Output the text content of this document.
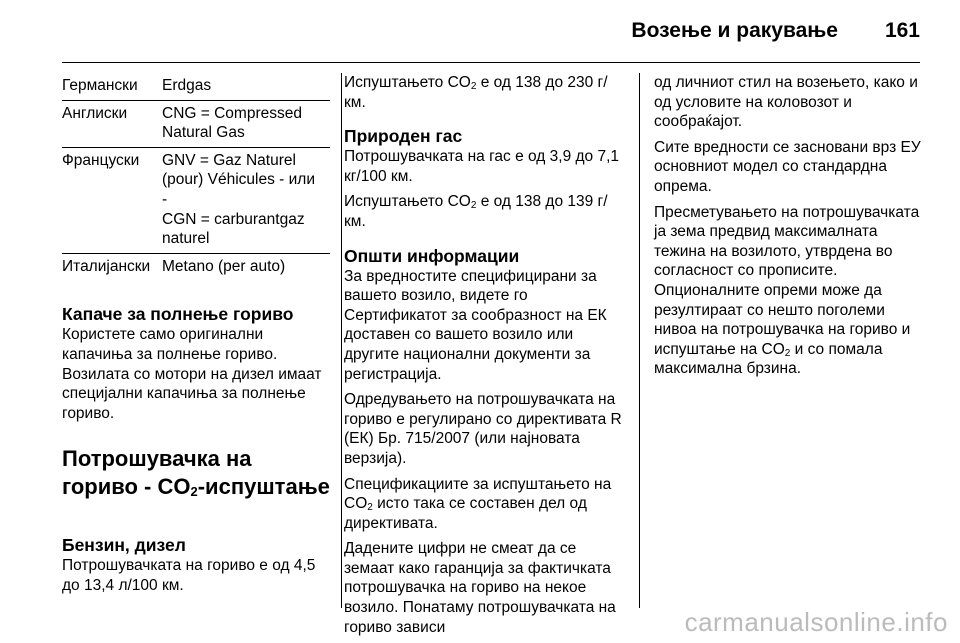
Возење и ракување 161
Германски	Erdgas

Англиски	CNG = Compressed
Natural Gas

Француски	GNV = Gaz Naturel
(pour) Véhicules - или
-
CGN = carburantgaz
naturel

Италијански	Metano (per auto)
Капаче за полнење гориво

Користете само оригинални капачиња за полнење гориво. Возилата со мотори на дизел имаат специјални капачиња за полнење гориво.

Потрошувачка на
гориво - $CO_2$-испуштање
Бензин, дизел

Потрошувачката на гориво е од 4,5 до 13,4 л/100 км.

Испуштањето $CO_2$ е од 138 до 230 г/км.

Природен гас

Потрошувачката на гас е од 3,9 до 7,1 кг/100 км.

Испуштањето $CO_2$ е од 138 до 139 г/км.

Општи информации

За вредностите специфицирани за вашето возило, видете го Сертификатот за сообразност на ЕК доставен со вашето возило или другите национални документи за регистрација.

Одредувањето на потрошувачката на гориво е регулирано со директивата R (ЕК) Бр. 715/2007 (или најновата верзија).

Спецификациите за испуштањето на $CO_2$ исто така се составен дел од директивата.

Дадените цифри не смеат да се земаат како гаранција за фактичката потрошувачка на гориво на некое возило. Понатаму потрошувачката на гориво зависи

од личниот стил на возењето, како и од условите на коловозот и сообраќајот.

Сите вредности се засновани врз ЕУ основниот модел со стандардна опрема.

Пресметувањето на потрошувачката ја зема предвид максималната тежина на возилото, утврдена во согласност со прописите. Опционалните опреми може да резултираат со нешто поголеми нивоа на потрошувачка на гориво и испуштање на $CO_2$ и со помала максимална брзина.

carmanualsonline.info
